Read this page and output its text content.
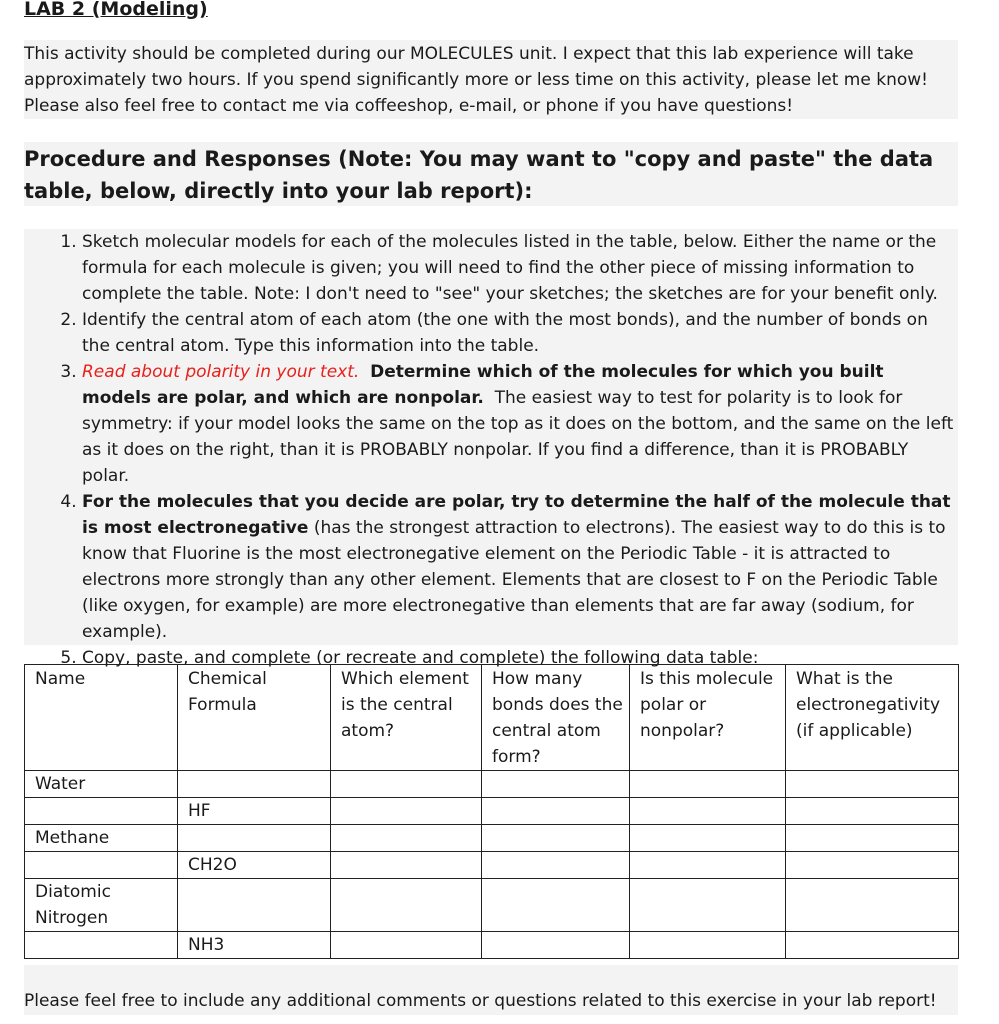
LAB 2 (Modeling)
This activity should be completed during our MOLECULES unit. I expect that this lab experience will take
approximately two hours. If you spend significantly more or less time on this activity, please let me know!
Please also feel free to contact me via coffeeshop, e-mail, or phone if you have questions!
Procedure and Responses (Note: You may want to "copy and paste" the data
table, below, directly into your lab report):
1. Sketch molecular models for each of the molecules listed in the table, below. Either the name or the formula for each molecule is given; you will need to find the other piece of missing information to complete the table. Note: I don't need to "see" your sketches; the sketches are for your benefit only.
2. Identify the central atom of each atom (the one with the most bonds), and the number of bonds on the central atom. Type this information into the table.
3. Read about polarity in your text. Determine which of the molecules for which you built models are polar, and which are nonpolar. The easiest way to test for polarity is to look for symmetry: if your model looks the same on the top as it does on the bottom, and the same on the left as it does on the right, than it is PROBABLY nonpolar. If you find a difference, than it is PROBABLY polar.
4. For the molecules that you decide are polar, try to determine the half of the molecule that is most electronegative (has the strongest attraction to electrons). The easiest way to do this is to know that Fluorine is the most electronegative element on the Periodic Table - it is attracted to electrons more strongly than any other element. Elements that are closest to F on the Periodic Table (like oxygen, for example) are more electronegative than elements that are far away (sodium, for example).
5. Copy, paste, and complete (or recreate and complete) the following data table:
Name	Chemical Formula	Which element is the central atom?	How many bonds does the central atom form?	Is this molecule polar or nonpolar?	What is the electronegativity (if applicable)
Water					
	HF				
Methane					
	CH2O				
Diatomic Nitrogen					
	NH3				
Please feel free to include any additional comments or questions related to this exercise in your lab report!
